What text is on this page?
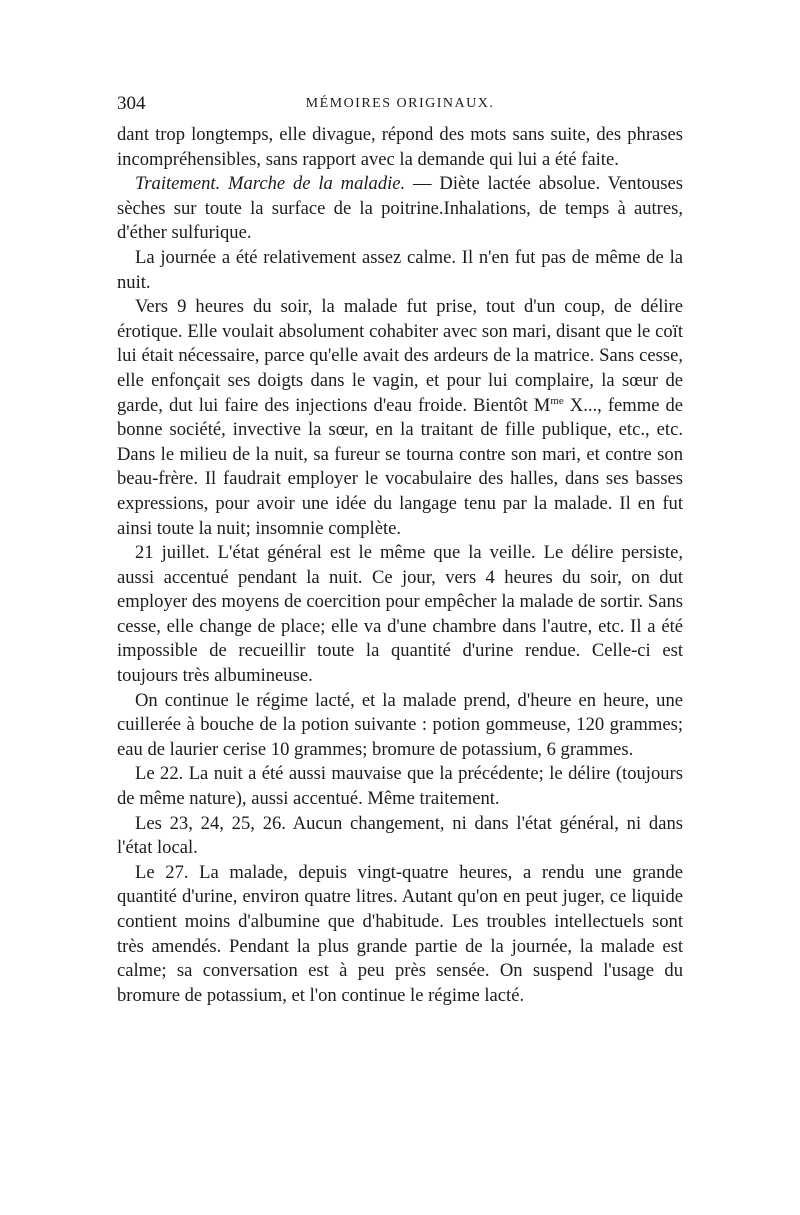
304	MÉMOIRES ORIGINAUX.

dant trop longtemps, elle divague, répond des mots sans suite, des phrases incompréhensibles, sans rapport avec la demande qui lui a été faite.

Traitement. Marche de la maladie. — Diète lactée absolue. Ventouses sèches sur toute la surface de la poitrine.Inhalations, de temps à autres, d'éther sulfurique.

La journée a été relativement assez calme. Il n'en fut pas de même de la nuit.

Vers 9 heures du soir, la malade fut prise, tout d'un coup, de délire érotique. Elle voulait absolument cohabiter avec son mari, disant que le coït lui était nécessaire, parce qu'elle avait des ardeurs de la matrice. Sans cesse, elle enfonçait ses doigts dans le vagin, et pour lui complaire, la sœur de garde, dut lui faire des injections d'eau froide. Bientôt $M^{me}$ X..., femme de bonne société, invective la sœur, en la traitant de fille publique, etc., etc. Dans le milieu de la nuit, sa fureur se tourna contre son mari, et contre son beau-frère. Il faudrait employer le vocabulaire des halles, dans ses basses expressions, pour avoir une idée du langage tenu par la malade. Il en fut ainsi toute la nuit; insomnie complète.

21 juillet. L'état général est le même que la veille. Le délire persiste, aussi accentué pendant la nuit. Ce jour, vers 4 heures du soir, on dut employer des moyens de coercition pour empêcher la malade de sortir. Sans cesse, elle change de place; elle va d'une chambre dans l'autre, etc. Il a été impossible de recueillir toute la quantité d'urine rendue. Celle-ci est toujours très albumineuse.

On continue le régime lacté, et la malade prend, d'heure en heure, une cuillerée à bouche de la potion suivante : potion gommeuse, 120 grammes; eau de laurier cerise 10 grammes; bromure de potassium, 6 grammes.

Le 22. La nuit a été aussi mauvaise que la précédente; le délire (toujours de même nature), aussi accentué. Même traitement.

Les 23, 24, 25, 26. Aucun changement, ni dans l'état général, ni dans l'état local.

Le 27. La malade, depuis vingt-quatre heures, a rendu une grande quantité d'urine, environ quatre litres. Autant qu'on en peut juger, ce liquide contient moins d'albumine que d'habitude. Les troubles intellectuels sont très amendés. Pendant la plus grande partie de la journée, la malade est calme; sa conversation est à peu près sensée. On suspend l'usage du bromure de potassium, et l'on continue le régime lacté.
